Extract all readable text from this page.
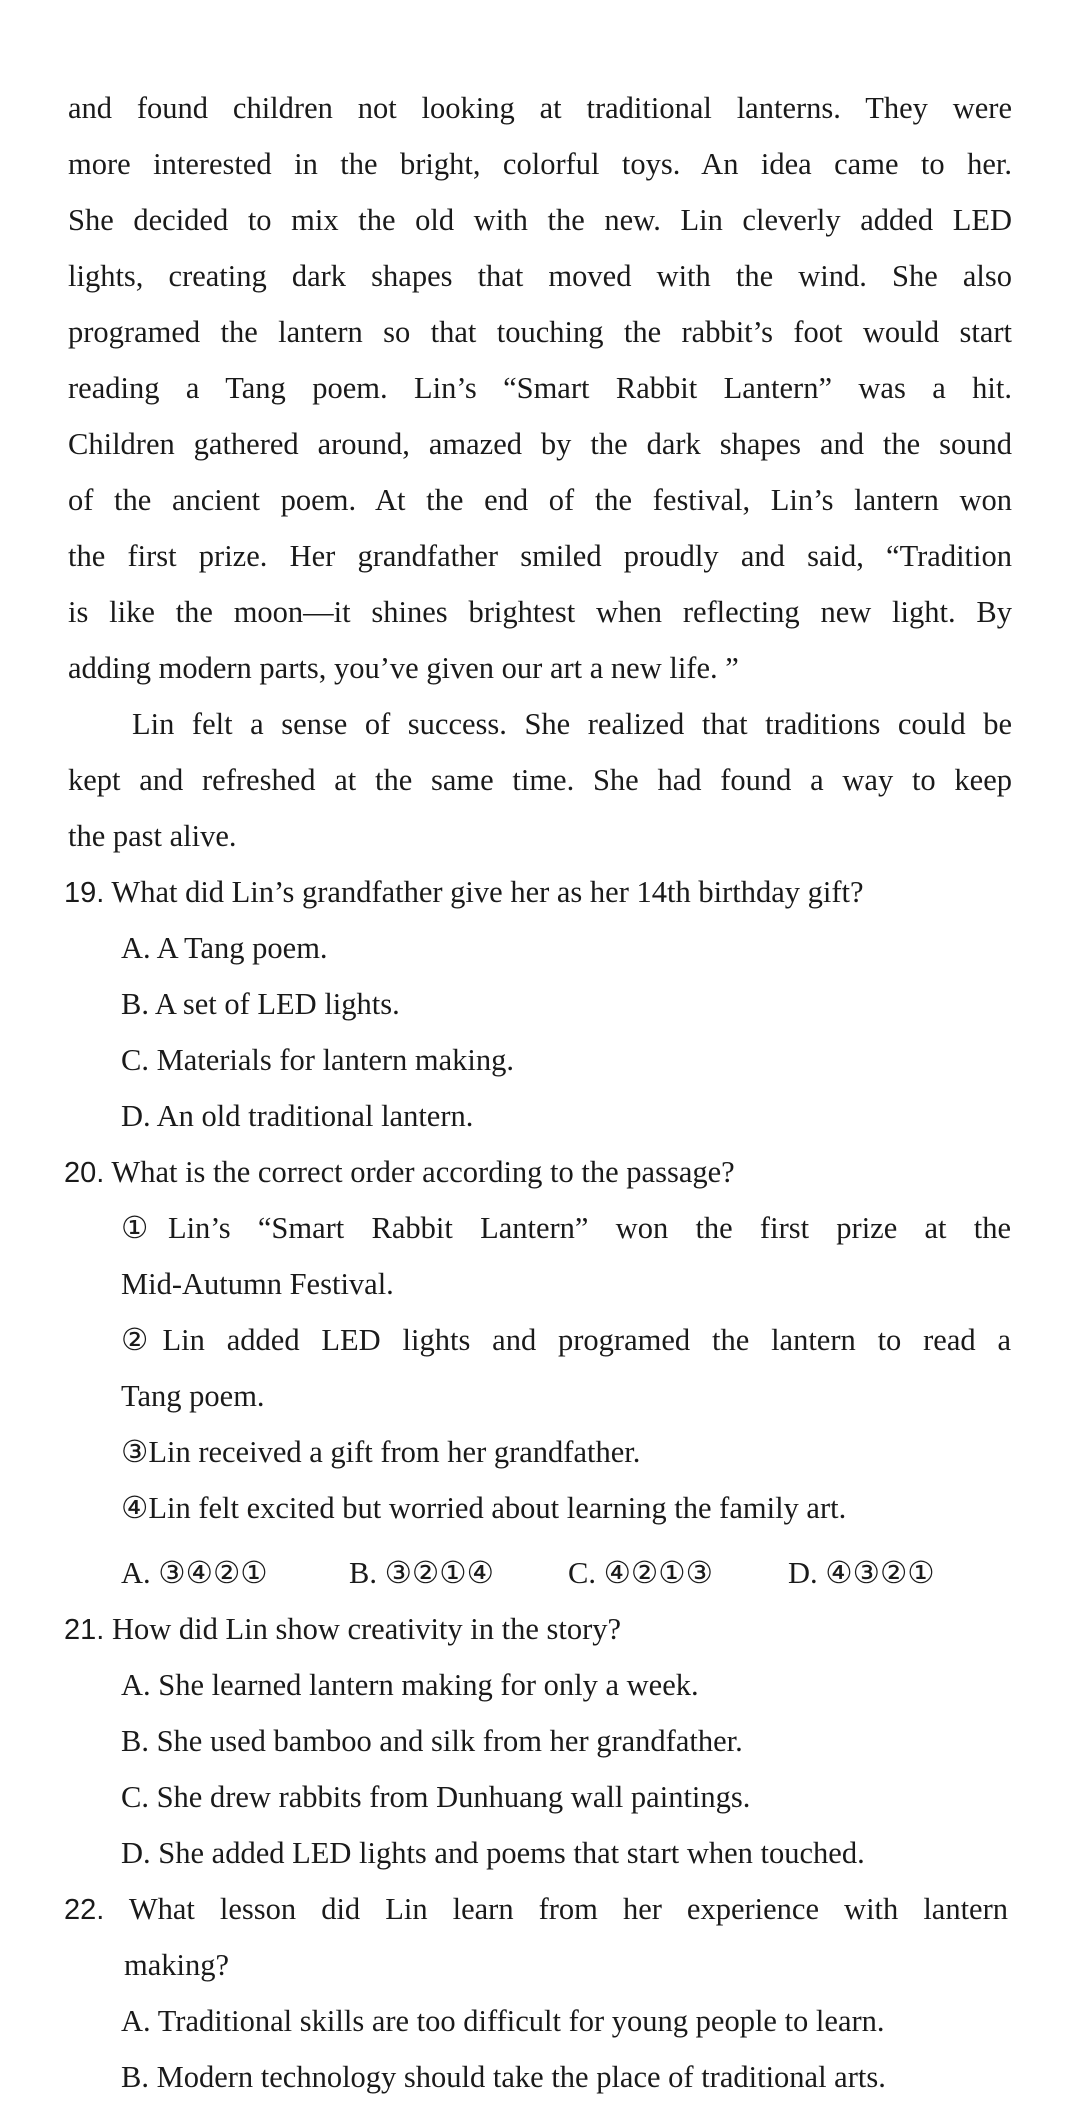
and found children not looking at traditional lanterns. They were
more interested in the bright, colorful toys. An idea came to her.
She decided to mix the old with the new. Lin cleverly added LED
lights, creating dark shapes that moved with the wind. She also
programed the lantern so that touching the rabbit’s foot would start
reading a Tang poem. Lin’s “Smart Rabbit Lantern” was a hit.
Children gathered around, amazed by the dark shapes and the sound
of the ancient poem. At the end of the festival, Lin’s lantern won
the first prize. Her grandfather smiled proudly and said, “Tradition
is like the moon—it shines brightest when reflecting new light. By
adding modern parts, you’ve given our art a new life. ”
Lin felt a sense of success. She realized that traditions could be
kept and refreshed at the same time. She had found a way to keep
the past alive.
19. What did Lin’s grandfather give her as her 14th birthday gift?
A. A Tang poem.
B. A set of LED lights.
C. Materials for lantern making.
D. An old traditional lantern.
20. What is the correct order according to the passage?
①Lin’s “Smart Rabbit Lantern” won the first prize at the
Mid-Autumn Festival.
②Lin added LED lights and programed the lantern to read a
Tang poem.
③Lin received a gift from her grandfather.
④Lin felt excited but worried about learning the family art.
A. ③④②①	B. ③②①④ C. ④②①③ D. ④③②①
21. How did Lin show creativity in the story?
A. She learned lantern making for only a week.
B. She used bamboo and silk from her grandfather.
C. She drew rabbits from Dunhuang wall paintings.
D. She added LED lights and poems that start when touched.
22. What lesson did Lin learn from her experience with lantern
making?
A. Traditional skills are too difficult for young people to learn.
B. Modern technology should take the place of traditional arts.
